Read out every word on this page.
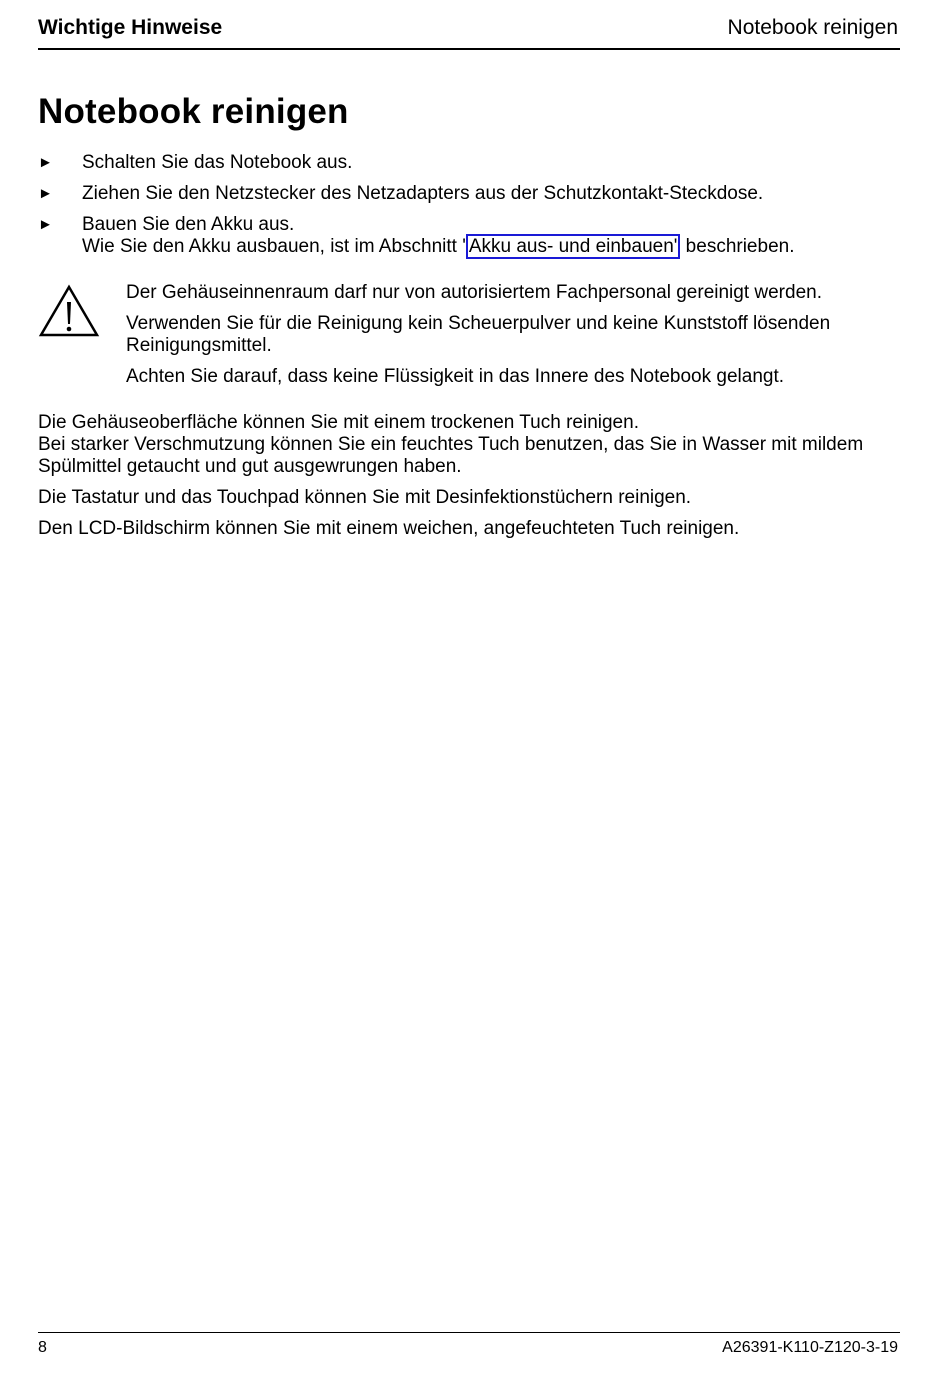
Wichtige Hinweise	Notebook reinigen
Notebook reinigen
► Schalten Sie das Notebook aus.
► Ziehen Sie den Netzstecker des Netzadapters aus der Schutzkontakt-Steckdose.
► Bauen Sie den Akku aus.
Wie Sie den Akku ausbauen, ist im Abschnitt ' Akku aus- und einbauen' beschrieben.

Der Gehäuseinnenraum darf nur von autorisiertem Fachpersonal gereinigt werden.

Verwenden Sie für die Reinigung kein Scheuerpulver und keine Kunststoff lösenden Reinigungsmittel.

Achten Sie darauf, dass keine Flüssigkeit in das Innere des Notebook gelangt.

Die Gehäuseoberfläche können Sie mit einem trockenen Tuch reinigen.
Bei starker Verschmutzung können Sie ein feuchtes Tuch benutzen, das Sie in Wasser mit mildem
Spülmittel getaucht und gut ausgewrungen haben.

Die Tastatur und das Touchpad können Sie mit Desinfektionstüchern reinigen.

Den LCD-Bildschirm können Sie mit einem weichen, angefeuchteten Tuch reinigen.

8	A26391-K110-Z120-3-19
